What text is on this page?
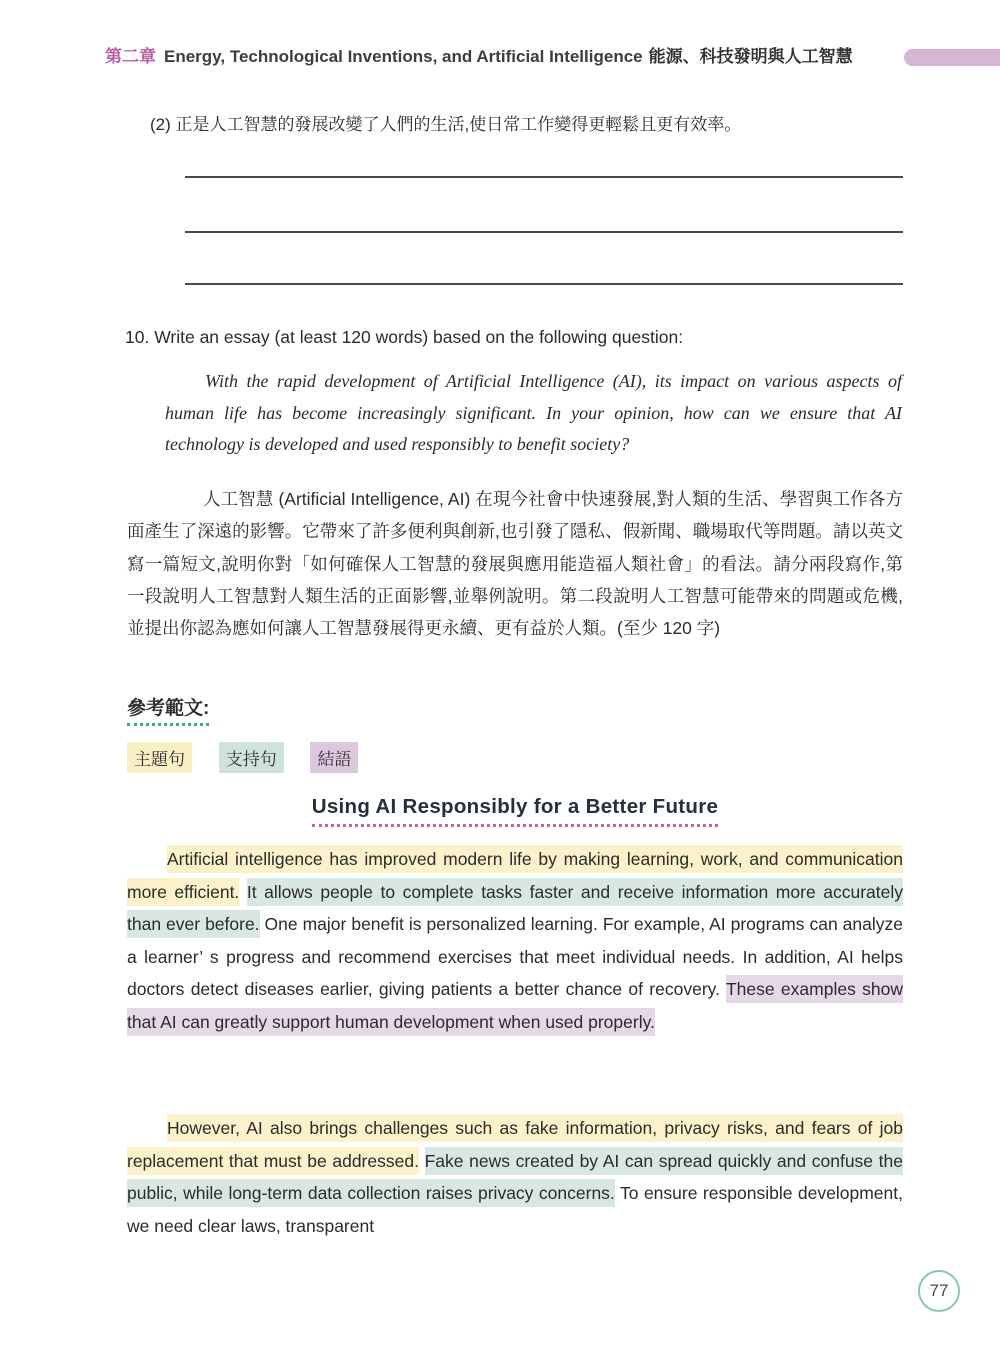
第二章 Energy, Technological Inventions, and Artificial Intelligence 能源、科技發明與人工智慧
(2) 正是人工智慧的發展改變了人們的生活,使日常工作變得更輕鬆且更有效率。
10. Write an essay (at least 120 words) based on the following question:
With the rapid development of Artificial Intelligence (AI), its impact on various aspects of human life has become increasingly significant. In your opinion, how can we ensure that AI technology is developed and used responsibly to benefit society?
人工智慧 (Artificial Intelligence, AI) 在現今社會中快速發展,對人類的生活、學習與工作各方面產生了深遠的影響。它帶來了許多便利與創新,也引發了隱私、假新聞、職場取代等問題。請以英文寫一篇短文,說明你對「如何確保人工智慧的發展與應用能造福人類社會」的看法。請分兩段寫作,第一段說明人工智慧對人類生活的正面影響,並舉例說明。第二段說明人工智慧可能帶來的問題或危機,並提出你認為應如何讓人工智慧發展得更永續、更有益於人類。(至少 120 字)
參考範文:
主題句 支持句 結語
Using AI Responsibly for a Better Future
Artificial intelligence has improved modern life by making learning, work, and communication more efficient. It allows people to complete tasks faster and receive information more accurately than ever before. One major benefit is personalized learning. For example, AI programs can analyze a learner’ s progress and recommend exercises that meet individual needs. In addition, AI helps doctors detect diseases earlier, giving patients a better chance of recovery. These examples show that AI can greatly support human development when used properly.
However, AI also brings challenges such as fake information, privacy risks, and fears of job replacement that must be addressed. Fake news created by AI can spread quickly and confuse the public, while long-term data collection raises privacy concerns. To ensure responsible development, we need clear laws, transparent
77
